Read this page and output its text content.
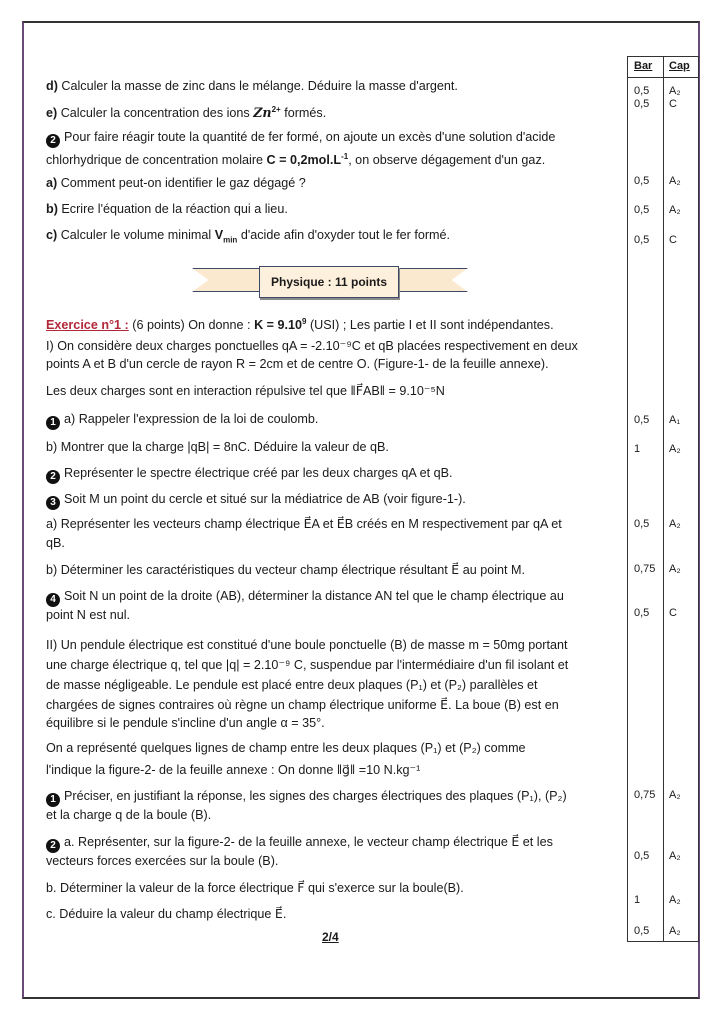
Bar Cap
0,5 A₂
0,5 C
0,5 A₂
0,5 A₂
0,5 C
0,5 A₁
1	A₂
0,5 A₂
0,75 A₂
0,5 C
0,75 A₂
0,5 A₂
1	A₂
0,5 A₂
d) Calculer la masse de zinc dans le mélange. Déduire la masse d'argent.
e) Calculer la concentration des ions $Zn^{2+}$ formés.
2 Pour faire réagir toute la quantité de fer formé, on ajoute un excès d'une solution d'acide
chlorhydrique de concentration molaire $C = 0,2mol.L^{-1}$, on observe dégagement d'un gaz.
a) Comment peut-on identifier le gaz dégagé ?
b) Ecrire l'équation de la réaction qui a lieu.
c) Calculer le volume minimal $V_{min}$ d'acide afin d'oxyder tout le fer formé.
Physique : 11 points
Exercice n°1 : (6 points) On donne : $K = 9.10^9$ (USI) ; Les partie I et II sont indépendantes.
I) On considère deux charges ponctuelles qA = -2.10⁻⁹C et qB placées respectivement en deux
points A et B d'un cercle de rayon R = 2cm et de centre O. (Figure-1- de la feuille annexe).
Les deux charges sont en interaction répulsive tel que ‖F⃗AB‖ = 9.10⁻⁵N
1 a) Rappeler l'expression de la loi de coulomb.
b) Montrer que la charge |qB| = 8nC. Déduire la valeur de qB.
2 Représenter le spectre électrique créé par les deux charges qA et qB.
3 Soit M un point du cercle et situé sur la médiatrice de AB (voir figure-1-).
a) Représenter les vecteurs champ électrique E⃗A et E⃗B créés en M respectivement par qA et
qB.
b) Déterminer les caractéristiques du vecteur champ électrique résultant E⃗ au point M.
4 Soit N un point de la droite (AB), déterminer la distance AN tel que le champ électrique au
point N est nul.
II) Un pendule électrique est constitué d'une boule ponctuelle (B) de masse m = 50mg portant
une charge électrique q, tel que |q| = 2.10⁻⁹ C, suspendue par l'intermédiaire d'un fil isolant et
de masse négligeable. Le pendule est placé entre deux plaques (P₁) et (P₂) parallèles et
chargées de signes contraires où règne un champ électrique uniforme E⃗. La boue (B) est en
équilibre si le pendule s'incline d'un angle α = 35°.
On a représenté quelques lignes de champ entre les deux plaques (P₁) et (P₂) comme
l'indique la figure-2- de la feuille annexe : On donne ‖g⃗‖ =10 N.kg⁻¹
1 Préciser, en justifiant la réponse, les signes des charges électriques des plaques (P₁), (P₂)
et la charge q de la boule (B).
2 a. Représenter, sur la figure-2- de la feuille annexe, le vecteur champ électrique E⃗ et les
vecteurs forces exercées sur la boule (B).
b. Déterminer la valeur de la force électrique F⃗ qui s'exerce sur la boule(B).
c. Déduire la valeur du champ électrique E⃗.
2/4
